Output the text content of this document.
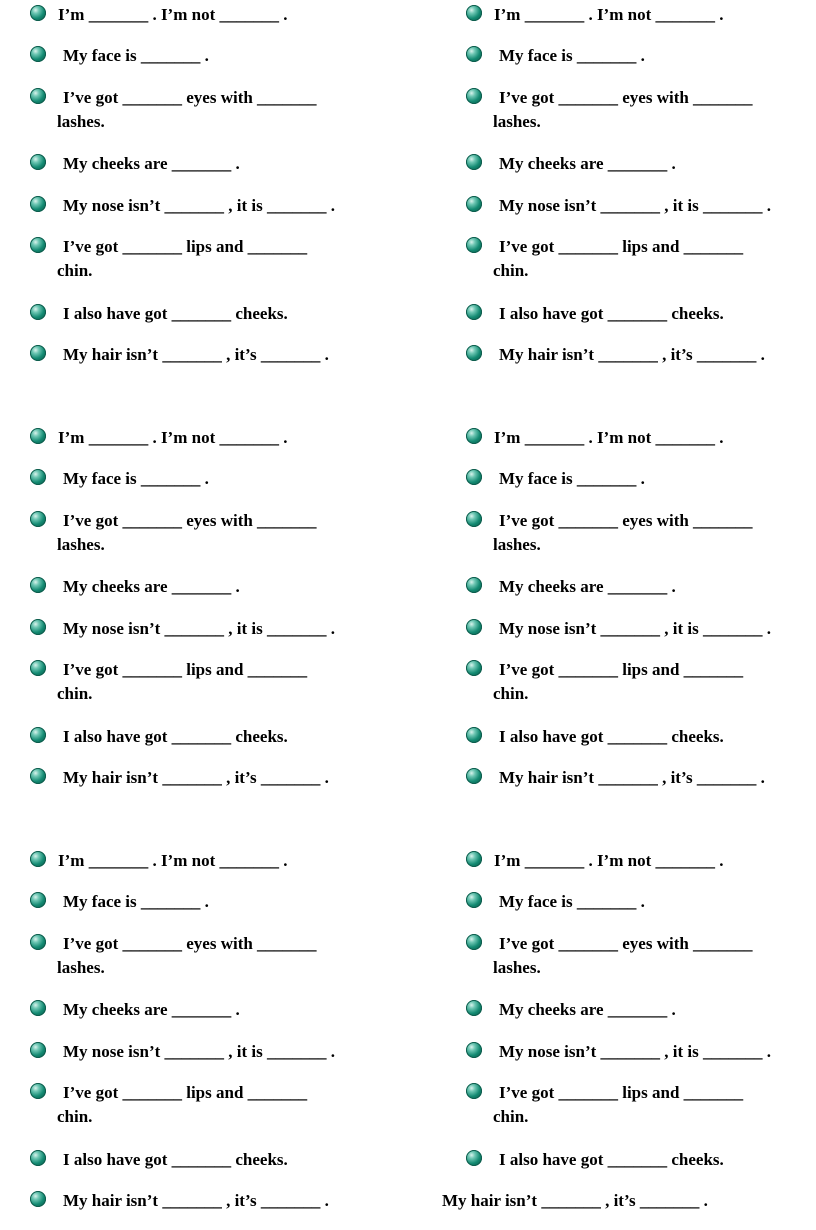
I’m _______ . I’m not _______ .
My face is _______ .
I’ve got _______ eyes with _______
lashes.
My cheeks are _______ .
My nose isn’t _______ , it is _______ .
I’ve got _______ lips and _______
chin.
I also have got _______ cheeks.
My hair isn’t _______ , it’s _______ .
I’m _______ . I’m not _______ .
My face is _______ .
I’ve got _______ eyes with _______
lashes.
My cheeks are _______ .
My nose isn’t _______ , it is _______ .
I’ve got _______ lips and _______
chin.
I also have got _______ cheeks.
My hair isn’t _______ , it’s _______ .
I’m _______ . I’m not _______ .
My face is _______ .
I’ve got _______ eyes with _______
lashes.
My cheeks are _______ .
My nose isn’t _______ , it is _______ .
I’ve got _______ lips and _______
chin.
I also have got _______ cheeks.
My hair isn’t _______ , it’s _______ .
I’m _______ . I’m not _______ .
My face is _______ .
I’ve got _______ eyes with _______
lashes.
My cheeks are _______ .
My nose isn’t _______ , it is _______ .
I’ve got _______ lips and _______
chin.
I also have got _______ cheeks.
My hair isn’t _______ , it’s _______ .
I’m _______ . I’m not _______ .
My face is _______ .
I’ve got _______ eyes with _______
lashes.
My cheeks are _______ .
My nose isn’t _______ , it is _______ .
I’ve got _______ lips and _______
chin.
I also have got _______ cheeks.
My hair isn’t _______ , it’s _______ .
I’m _______ . I’m not _______ .
My face is _______ .
I’ve got _______ eyes with _______
lashes.
My cheeks are _______ .
My nose isn’t _______ , it is _______ .
I’ve got _______ lips and _______
chin.
I also have got _______ cheeks.
My hair isn’t _______ , it’s _______ .
